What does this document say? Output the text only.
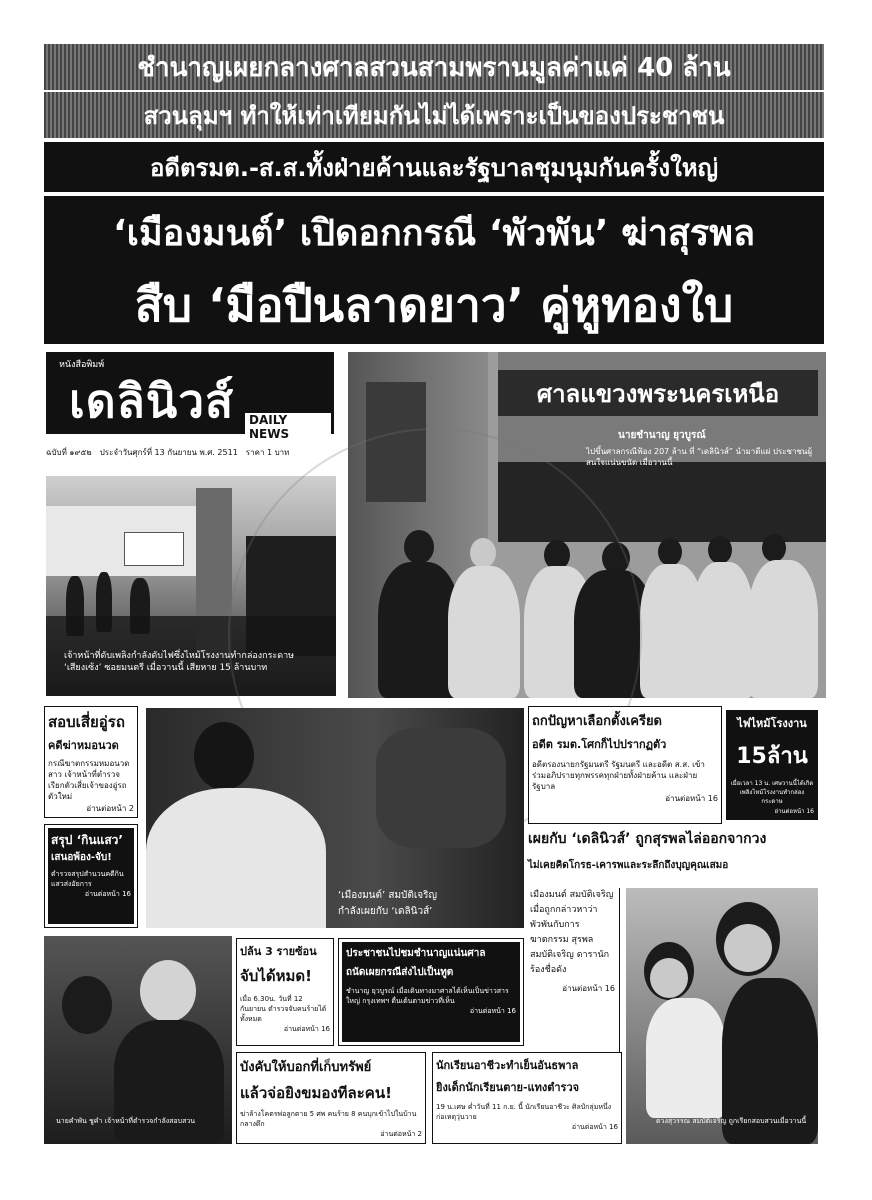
ชำนาญเผยกลางศาลสวนสามพรานมูลค่าแค่ 40 ล้าน
สวนลุมฯ ทำให้เท่าเทียมกันไม่ได้เพราะเป็นของประชาชน
อดีตรมต.-ส.ส.ทั้งฝ่ายค้านและรัฐบาลชุมนุมกันครั้งใหญ่
‘เมืองมนต์’ เปิดอกกรณี ‘พัวพัน’ ฆ่าสุรพล
สืบ ‘มือปืนลาดยาว’ คู่หูทองใบ
หนังสือพิมพ์
เดลินิวส์	DAILY NEWS
ฉบับที่ ๑๙๕๒ ประจำวันศุกร์ที่ 13 กันยายน พ.ศ. 2511 ราคา 1 บาท
เจ้าหน้าที่ดับเพลิงกำลังดับไฟซึ่งไหม้โรงงานทำกล่องกระดาษ ‘เสียงเซ้ง’ ซอยมนตรี เมื่อวานนี้ เสียหาย 15 ล้านบาท
ศาลแขวงพระนครเหนือ
นายชำนาญ ยุวบูรณ์
ไปขึ้นศาลกรณีฟ้อง 207 ล้าน ที่ “เดลินิวส์” นำมาตีแผ่ ประชาชนผู้สนใจแน่นขนัด เมื่อวานนี้
สอบเสี่ยอู่รถ
คดีฆ่าหมอนวด
กรณีฆาตกรรมหมอนวดสาว เจ้าหน้าที่ตำรวจเรียกตัวเสี่ยเจ้าของอู่รถตัวใหม่
อ่านต่อหน้า 2
สรุป ‘กินแสว’
เสนอพ้อง-จับ!
ตำรวจสรุปสำนวนคดีกินแสวส่งอัยการ
อ่านต่อหน้า 16	‘เมืองมนต์’ สมบัติเจริญ
กำลังเผยกับ ‘เดลินิวส์’
ถกปัญหาเลือกตั้งเครียด
อดีต รมต.โศกก็ไปปรากฏตัว
อดีตรองนายกรัฐมนตรี รัฐมนตรี และอดีต ส.ส. เข้าร่วมอภิปรายทุกพรรคทุกฝ่ายทั้งฝ่ายค้าน และฝ่ายรัฐบาล
อ่านต่อหน้า 16
ไฟไหม้โรงงาน
15ล้าน
เมื่อเวลา 13 น. เศษวานนี้ได้เกิดเพลิงไหม้โรงงานทำกล่องกระดาษ
อ่านต่อหน้า 16
เผยกับ ‘เดลินิวส์’ ถูกสุรพลไล่ออกจากวง
ไม่เคยคิดโกรธ-เคารพและระลึกถึงบุญคุณเสมอ
เมืองมนต์ สมบัติเจริญ เมื่อถูกกล่าวหาว่าพัวพันกับการฆาตกรรม สุรพล สมบัติเจริญ ดารานักร้องชื่อดัง
อ่านต่อหน้า 16
ดวงสุวรรณ สมบัติเจริญ ถูกเรียกสอบสวนเมื่อวานนี้
นายคำพัน ชูคำ เจ้าหน้าที่ตำรวจกำลังสอบสวน
ปล้น 3 รายซ้อน
จับได้หมด!
เมื่อ 6.30น. วันที่ 12 กันยายน ตำรวจจับคนร้ายได้ทั้งหมด
อ่านต่อหน้า 16
ประชาชนไปชมชำนาญแน่นศาล
ถนัดเผยกรณีส่งไปเป็นทูต
ชำนาญ ยุวบูรณ์ เมื่อเดินทางมาศาลได้เห็นเป็นข่าวสารใหญ่ กรุงเทพฯ ตื่นเต้นตามข่าวที่เห็น
อ่านต่อหน้า 16
บังคับให้บอกที่เก็บทรัพย์
แล้วจ่อยิงขมองทีละคน!
ฆ่าล้างโคตรพ่อลูกตาย 5 ศพ คนร้าย 8 คนบุกเข้าไปในบ้านกลางดึก
อ่านต่อหน้า 2
นักเรียนอาชีวะทำเย็นอันธพาล
ยิงเด็กนักเรียนตาย-แทงตำรวจ
19 น.เศษ ค่ำวันที่ 11 ก.ย. นี้ นักเรียนอาชีวะ ศิลป์กลุ่มหนึ่งก่อเหตุวุ่นวาย
อ่านต่อหน้า 16
